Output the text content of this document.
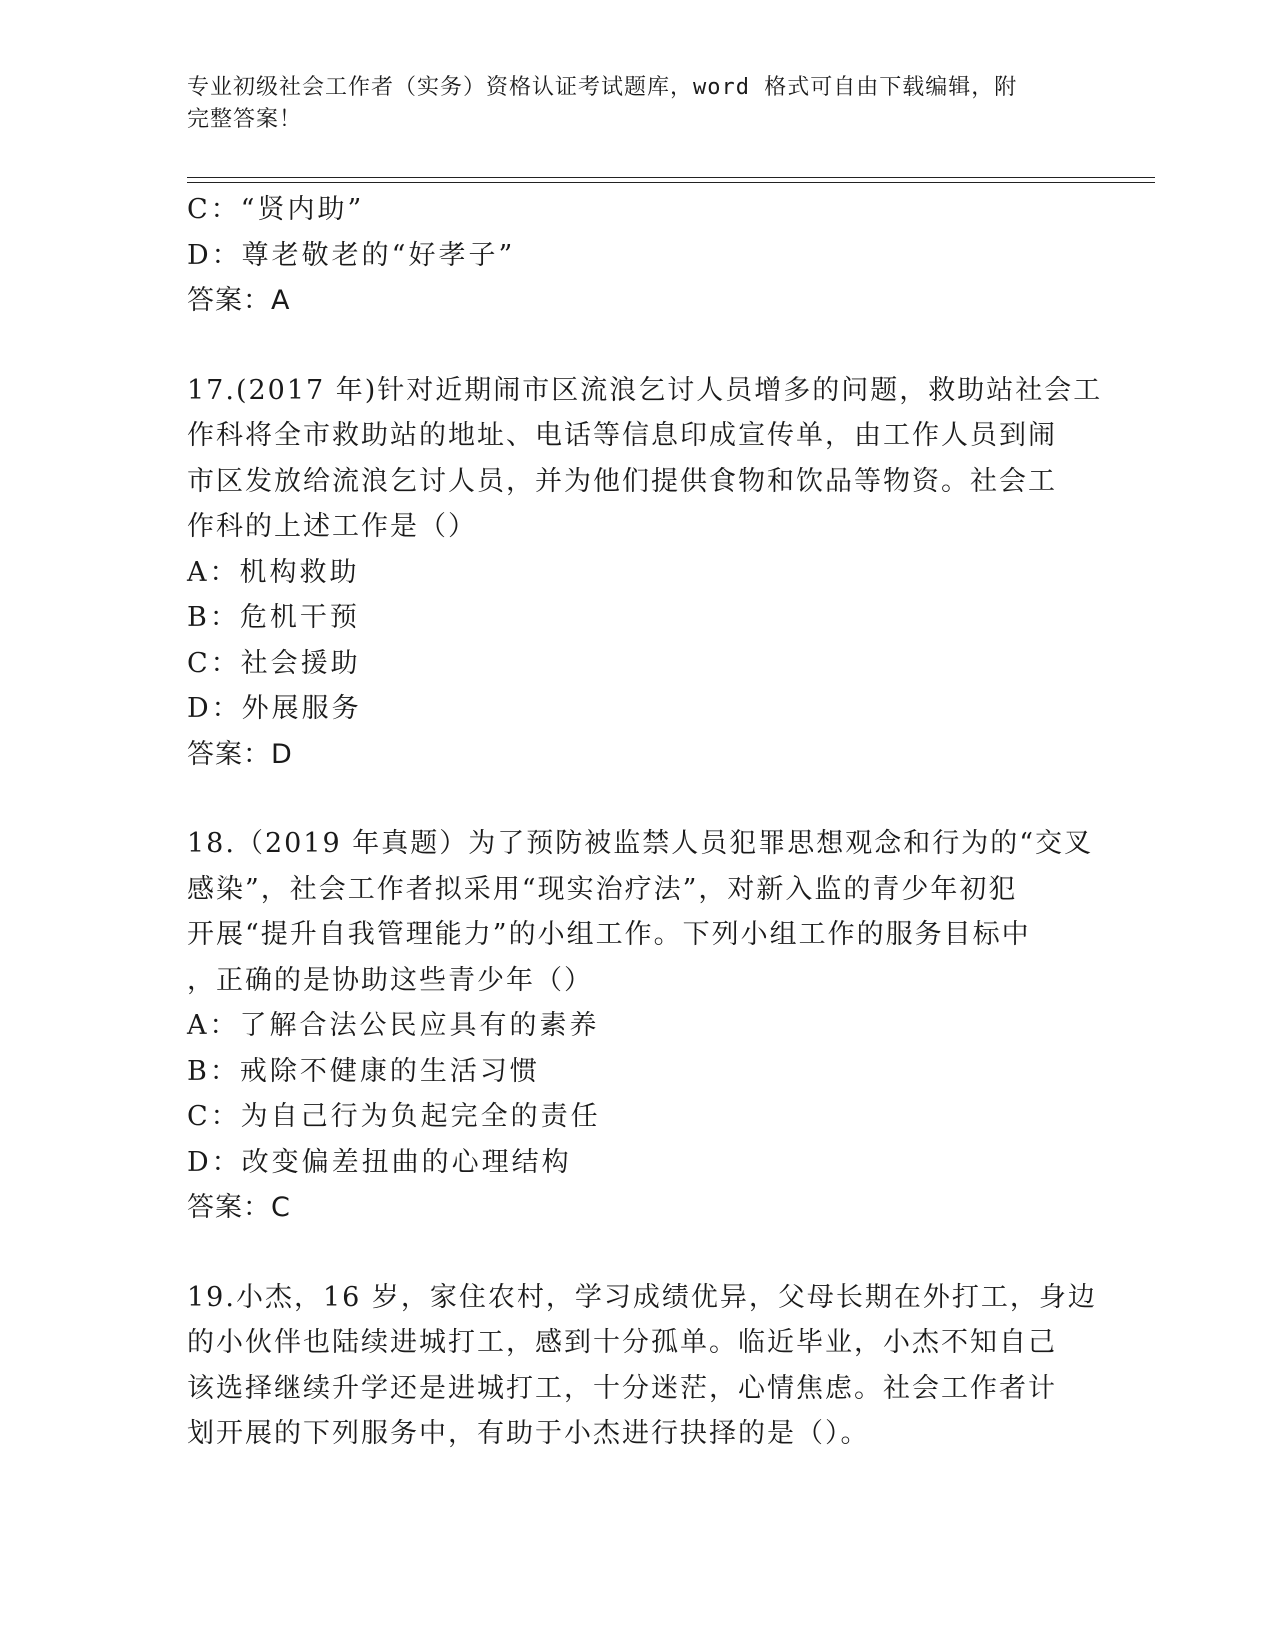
专业初级社会工作者（实务）资格认证考试题库，word 格式可自由下载编辑，附
完整答案！
C：“贤内助”
D：尊老敬老的“好孝子”
答案：A
17.(2017 年)针对近期闹市区流浪乞讨人员增多的问题，救助站社会工
作科将全市救助站的地址、电话等信息印成宣传单，由工作人员到闹
市区发放给流浪乞讨人员，并为他们提供食物和饮品等物资。社会工
作科的上述工作是（）
A：机构救助
B：危机干预
C：社会援助
D：外展服务
答案：D
18.（2019 年真题）为了预防被监禁人员犯罪思想观念和行为的“交叉
感染”，社会工作者拟采用“现实治疗法”，对新入监的青少年初犯
开展“提升自我管理能力”的小组工作。下列小组工作的服务目标中
，正确的是协助这些青少年（）
A：了解合法公民应具有的素养
B：戒除不健康的生活习惯
C：为自己行为负起完全的责任
D：改变偏差扭曲的心理结构
答案：C
19.小杰，16 岁，家住农村，学习成绩优异，父母长期在外打工，身边
的小伙伴也陆续进城打工，感到十分孤单。临近毕业，小杰不知自己
该选择继续升学还是进城打工，十分迷茫，心情焦虑。社会工作者计
划开展的下列服务中，有助于小杰进行抉择的是（）。
